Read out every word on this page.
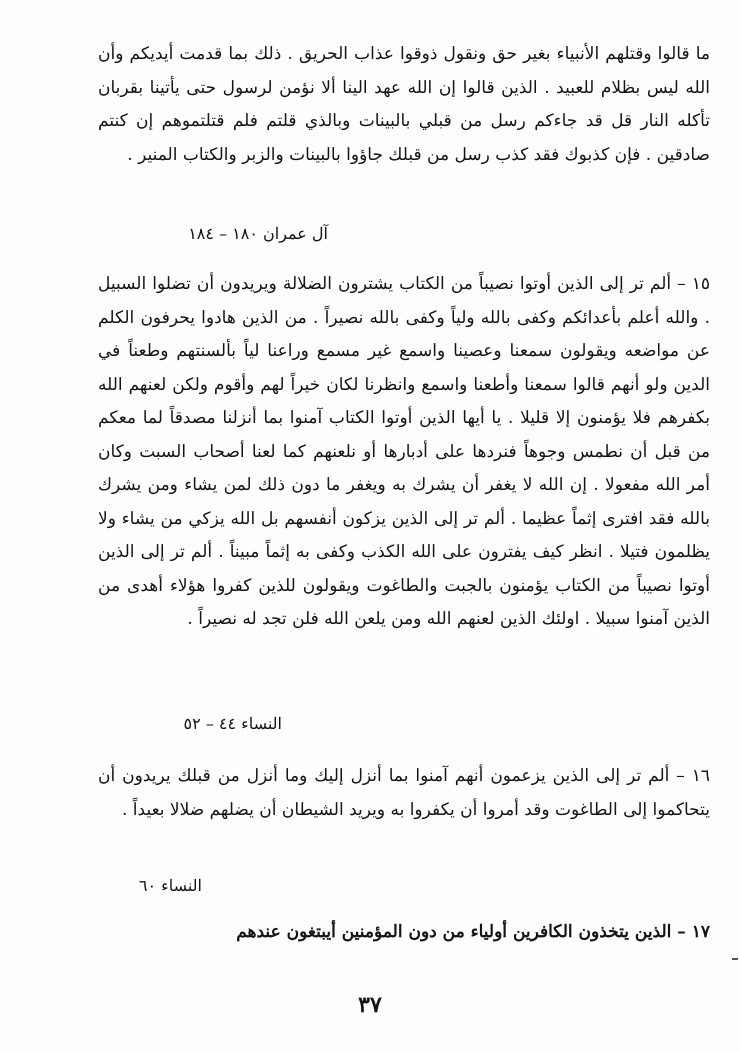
ما قالوا وقتلهم الأنبياء بغير حق ونقول ذوقوا عذاب الحريق . ذلك بما قدمت أيديكم وأن الله ليس بظلام للعبيد . الذين قالوا إن الله عهد الينا ألا نؤمن لرسول حتى يأتينا بقربان تأكله النار قل قد جاءكم رسل من قبلي بالبينات وبالذي قلتم فلم قتلتموهم إن كنتم صادقين . فإن كذبوك فقد كذب رسل من قبلك جاؤوا بالبينات والزبر والكتاب المنير .

آل عمران ١٨٠ – ١٨٤

١٥ – ألم تر إلى الذين أوتوا نصيباً من الكتاب يشترون الضلالة ويريدون أن تضلوا السبيل . والله أعلم بأعدائكم وكفى بالله ولياً وكفى بالله نصيراً . من الذين هادوا يحرفون الكلم عن مواضعه ويقولون سمعنا وعصينا واسمع غير مسمع وراعنا لياً بألسنتهم وطعناً في الدين ولو أنهم قالوا سمعنا وأطعنا واسمع وانظرنا لكان خيراً لهم وأقوم ولكن لعنهم الله بكفرهم فلا يؤمنون إلا قليلا . يا أيها الذين أوتوا الكتاب آمنوا بما أنزلنا مصدقاً لما معكم من قبل أن نطمس وجوهاً فنردها على أدبارها أو نلعنهم كما لعنا أصحاب السبت وكان أمر الله مفعولا . إن الله لا يغفر أن يشرك به ويغفر ما دون ذلك لمن يشاء ومن يشرك بالله فقد افترى إثماً عظيما . ألم تر إلى الذين يزكون أنفسهم بل الله يزكي من يشاء ولا يظلمون فتيلا . انظر كيف يفترون على الله الكذب وكفى به إثماً مبيناً . ألم تر إلى الذين أوتوا نصيباً من الكتاب يؤمنون بالجبت والطاغوت ويقولون للذين كفروا هؤلاء أهدى من الذين آمنوا سبيلا . اولئك الذين لعنهم الله ومن يلعن الله فلن تجد له نصيراً .

النساء ٤٤ – ٥٢

١٦ – ألم تر إلى الذين يزعمون أنهم آمنوا بما أنزل إليك وما أنزل من قبلك يريدون أن يتحاكموا إلى الطاغوت وقد أمروا أن يكفروا به ويريد الشيطان أن يضلهم ضلالا بعيداً .

النساء ٦٠

١٧ – الذين يتخذون الكافرين أولياء من دون المؤمنين أيبتغون عندهم

٣٧
